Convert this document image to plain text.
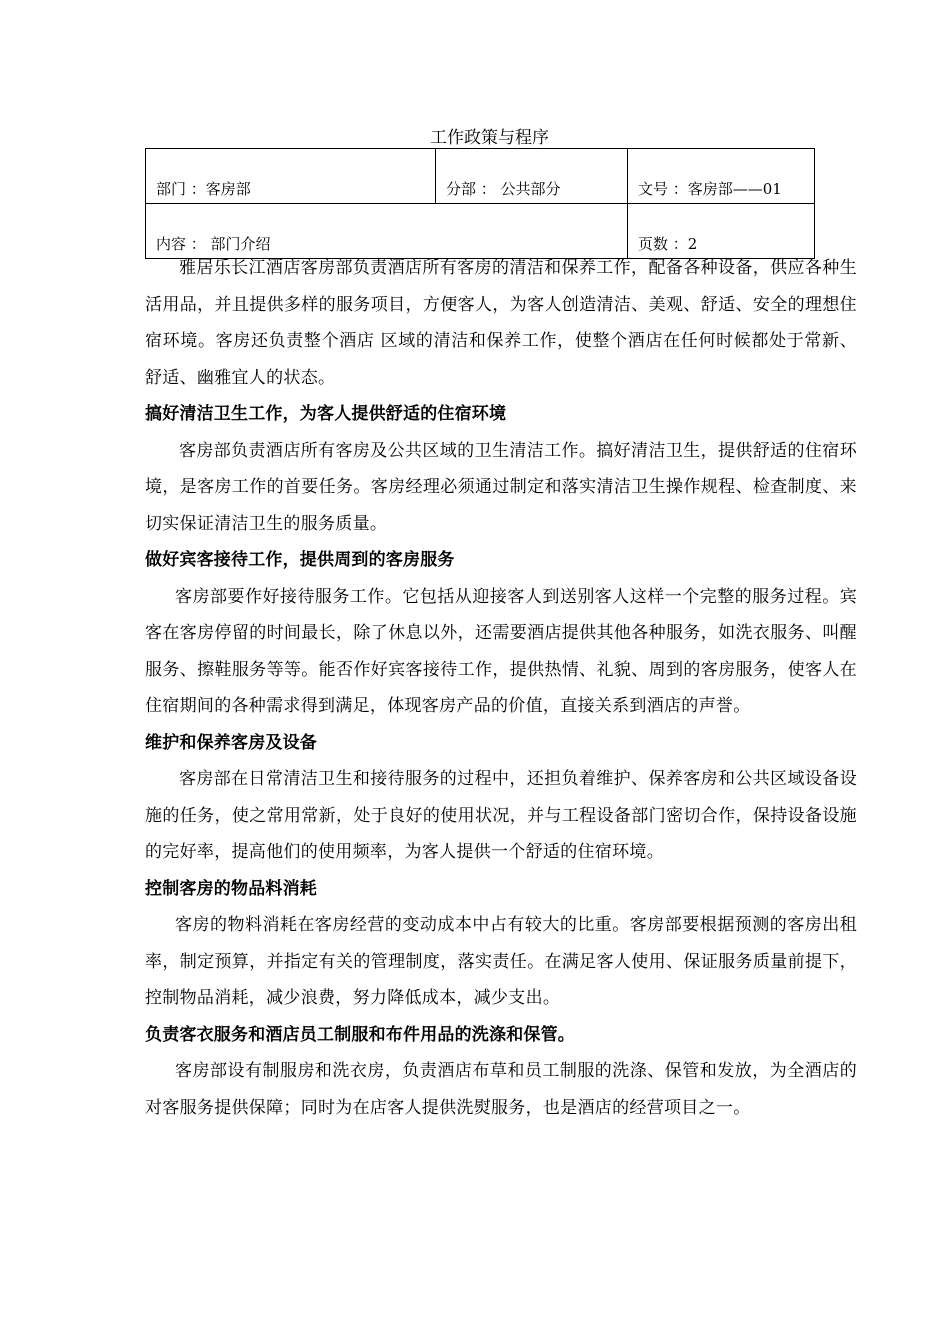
工作政策与程序
部门 ：客房部	分部 ： 公共部分	文号 ：客房部——01
内容 ： 部门介绍		页数 ：2

雅居乐长江酒店客房部负责酒店所有客房的清洁和保养工作，配备各种设备，供应各种生活用品，并且提供多样的服务项目，方便客人，为客人创造清洁、美观、舒适、安全的理想住宿环境。客房还负责整个酒店 区域的清洁和保养工作，使整个酒店在任何时候都处于常新、舒适、幽雅宜人的状态。

搞好清洁卫生工作，为客人提供舒适的住宿环境

客房部负责酒店所有客房及公共区域的卫生清洁工作。搞好清洁卫生，提供舒适的住宿环境，是客房工作的首要任务。客房经理必须通过制定和落实清洁卫生操作规程、检查制度、来切实保证清洁卫生的服务质量。

做好宾客接待工作，提供周到的客房服务

客房部要作好接待服务工作。它包括从迎接客人到送别客人这样一个完整的服务过程。宾客在客房停留的时间最长，除了休息以外，还需要酒店提供其他各种服务，如洗衣服务、叫醒服务、擦鞋服务等等。能否作好宾客接待工作，提供热情、礼貌、周到的客房服务，使客人在住宿期间的各种需求得到满足，体现客房产品的价值，直接关系到酒店的声誉。

维护和保养客房及设备

客房部在日常清洁卫生和接待服务的过程中，还担负着维护、保养客房和公共区域设备设施的任务，使之常用常新，处于良好的使用状况，并与工程设备部门密切合作，保持设备设施的完好率，提高他们的使用频率，为客人提供一个舒适的住宿环境。

控制客房的物品料消耗

客房的物料消耗在客房经营的变动成本中占有较大的比重。客房部要根据预测的客房出租率，制定预算，并指定有关的管理制度，落实责任。在满足客人使用、保证服务质量前提下，控制物品消耗，减少浪费，努力降低成本，减少支出。

负责客衣服务和酒店员工制服和布件用品的洗涤和保管。

客房部设有制服房和洗衣房，负责酒店布草和员工制服的洗涤、保管和发放，为全酒店的对客服务提供保障；同时为在店客人提供洗熨服务，也是酒店的经营项目之一。
